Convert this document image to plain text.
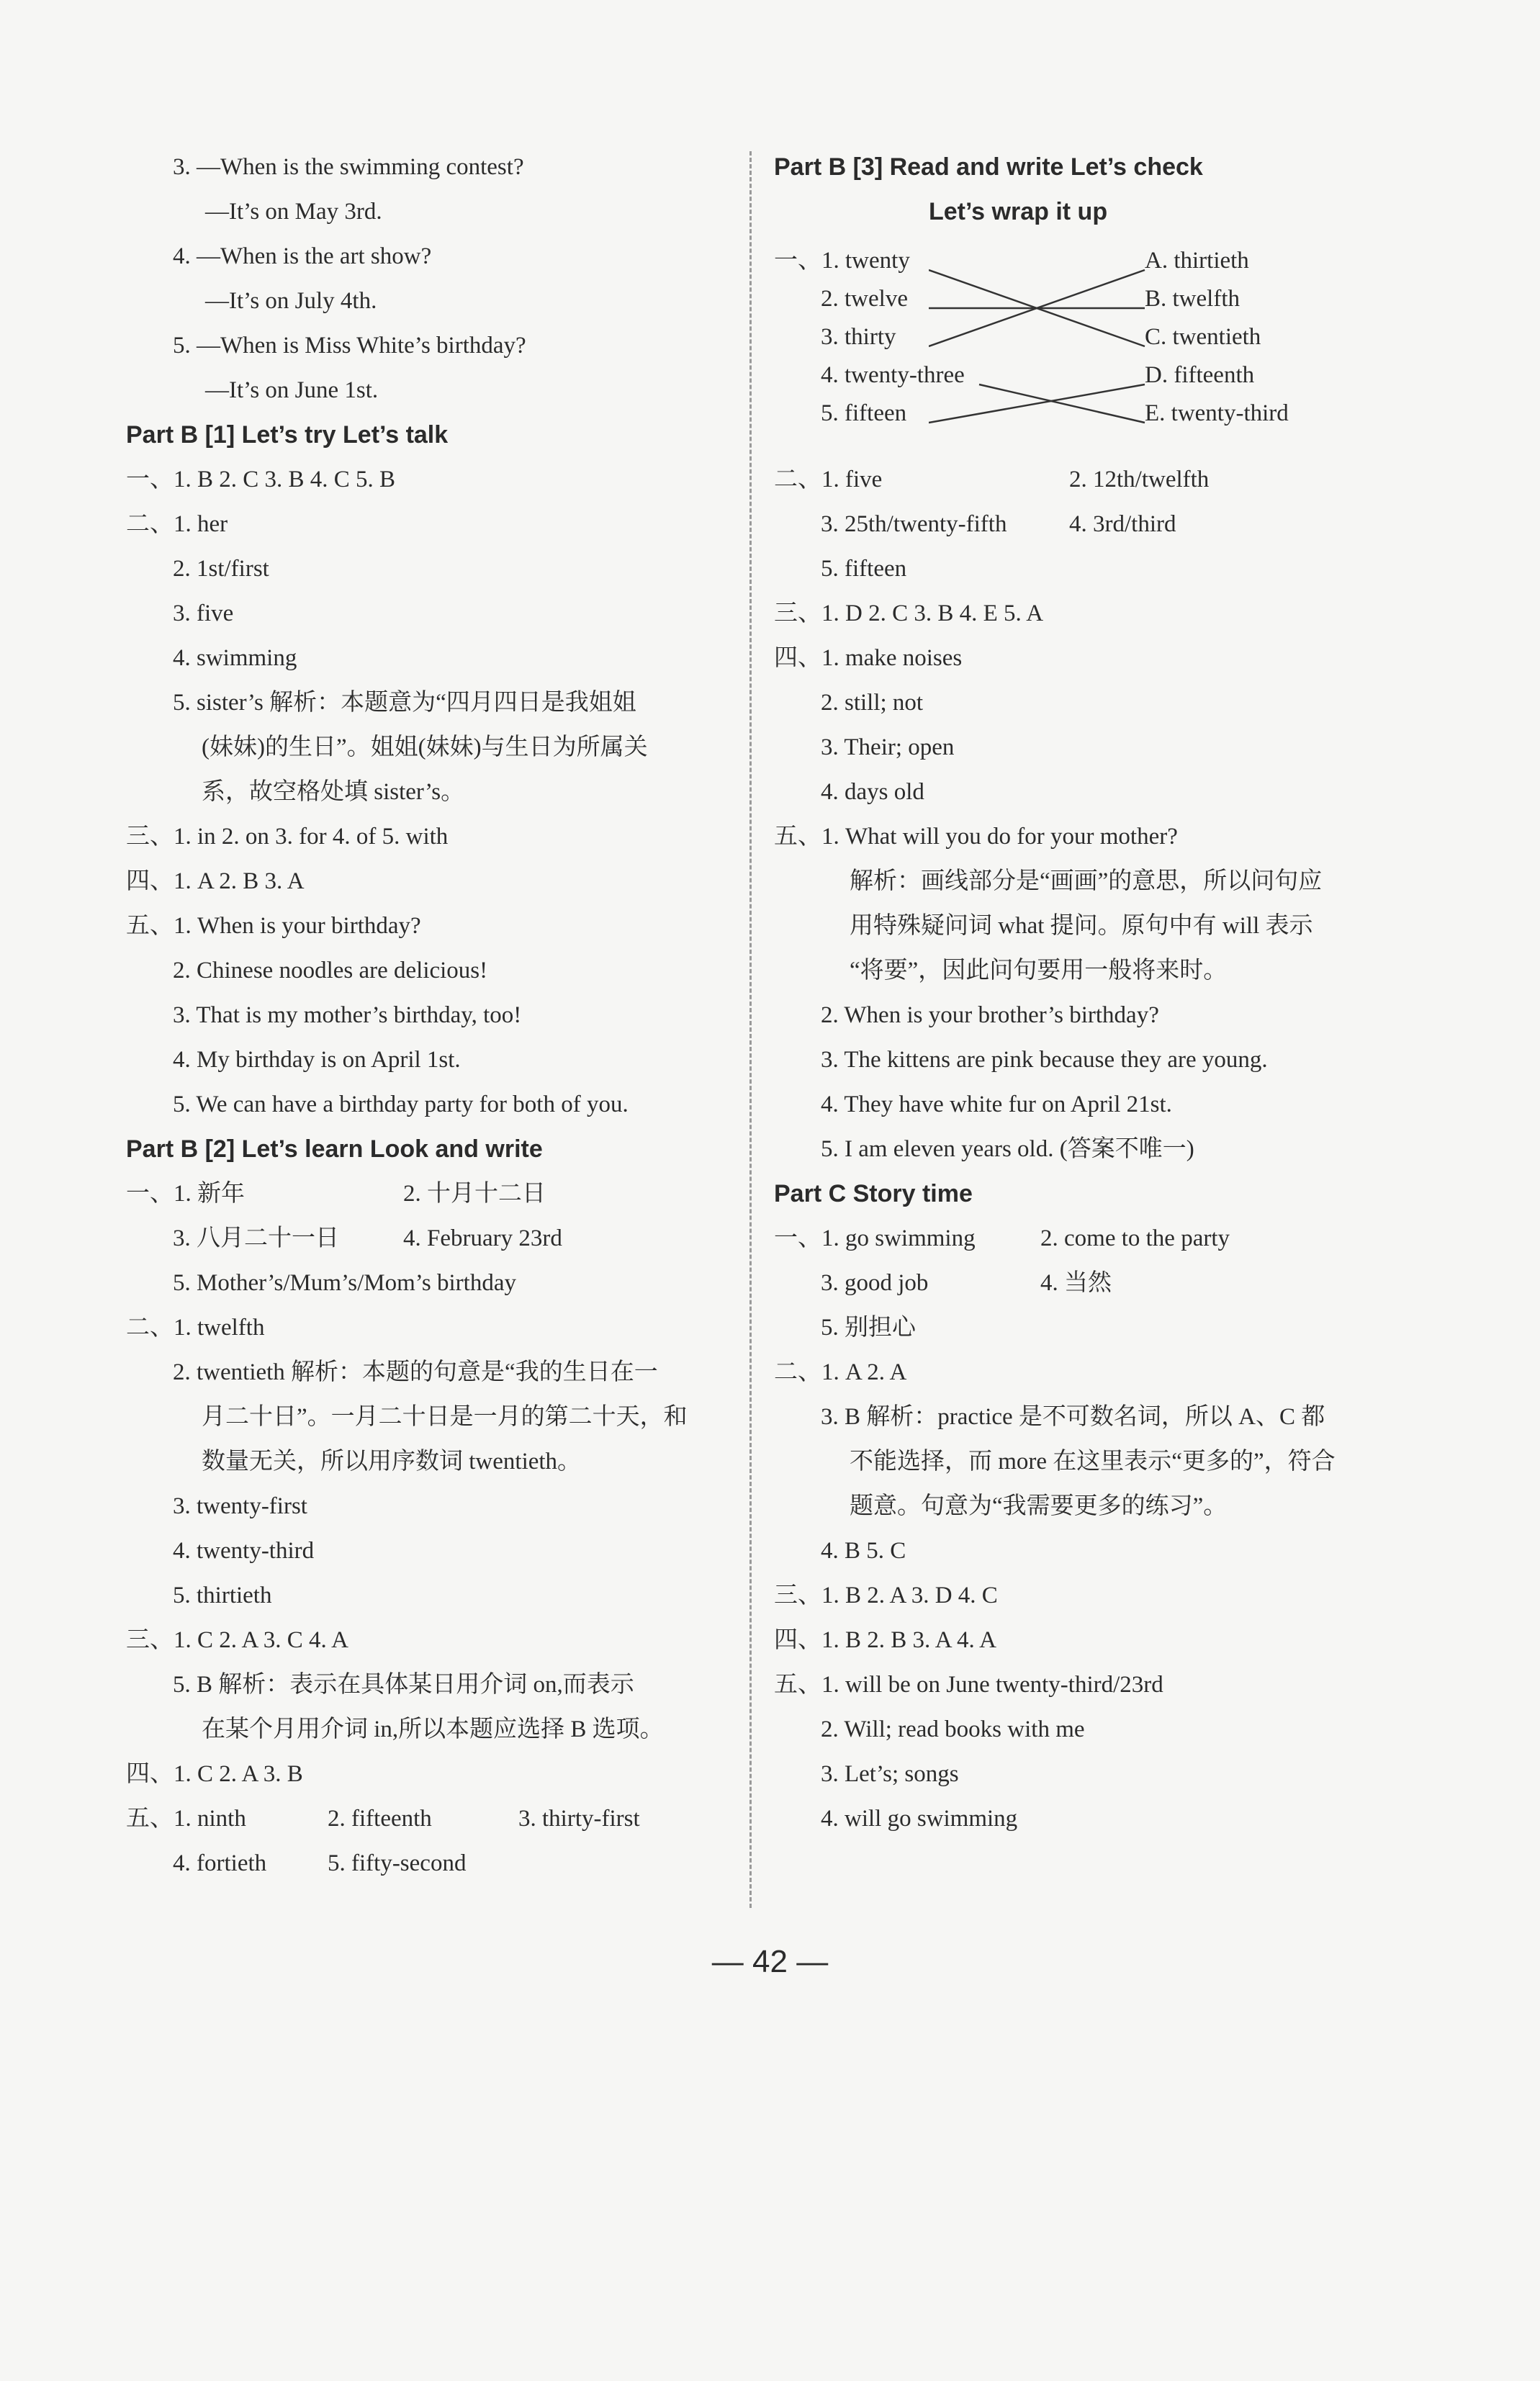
3. —When is the swimming contest?
—It’s on May 3rd.
4. —When is the art show?
—It’s on July 4th.
5. —When is Miss White’s birthday?
—It’s on June 1st.
Part B [1] Let’s try Let’s talk
一、1. B 2. C 3. B 4. C 5. B
二、1. her
2. 1st/first
3. five
4. swimming
5. sister’s 解析：本题意为“四月四日是我姐姐
(妹妹)的生日”。姐姐(妹妹)与生日为所属关
系，故空格处填 sister’s。
三、1. in 2. on 3. for 4. of 5. with
四、1. A 2. B 3. A
五、1. When is your birthday?
2. Chinese noodles are delicious!
3. That is my mother’s birthday, too!
4. My birthday is on April 1st.
5. We can have a birthday party for both of you.
Part B [2] Let’s learn Look and write
一、1. 新年	2. 十月十二日
3. 八月二十一日	4. February 23rd
5. Mother’s/Mum’s/Mom’s birthday
二、1. twelfth
2. twentieth 解析：本题的句意是“我的生日在一
月二十日”。一月二十日是一月的第二十天，和
数量无关，所以用序数词 twentieth。
3. twenty-first
4. twenty-third
5. thirtieth
三、1. C 2. A 3. C 4. A
5. B 解析：表示在具体某日用介词 on,而表示
在某个月用介词 in,所以本题应选择 B 选项。
四、1. C 2. A 3. B
五、1. ninth	2. fifteenth	3. thirty-first
4. fortieth	5. fifty-second
Part B [3] Read and write Let’s check
Let’s wrap it up
一、1. twenty
2. twelve
3. thirty
4. twenty-three
5. fifteen
A. thirtieth
B. twelfth
C. twentieth
D. fifteenth
E. twenty-third
二、1. five	2. 12th/twelfth
3. 25th/twenty-fifth	4. 3rd/third
5. fifteen
三、1. D 2. C 3. B 4. E 5. A
四、1. make noises
2. still; not
3. Their; open
4. days old
五、1. What will you do for your mother?
解析：画线部分是“画画”的意思，所以问句应
用特殊疑问词 what 提问。原句中有 will 表示
“将要”，因此问句要用一般将来时。
2. When is your brother’s birthday?
3. The kittens are pink because they are young.
4. They have white fur on April 21st.
5. I am eleven years old. (答案不唯一)
Part C Story time
一、1. go swimming	2. come to the party
3. good job	4. 当然
5. 别担心
二、1. A 2. A
3. B 解析：practice 是不可数名词，所以 A、C 都
不能选择，而 more 在这里表示“更多的”，符合
题意。句意为“我需要更多的练习”。
4. B 5. C
三、1. B 2. A 3. D 4. C
四、1. B 2. B 3. A 4. A
五、1. will be on June twenty-third/23rd
2. Will; read books with me
3. Let’s; songs
4. will go swimming
— 42 —
